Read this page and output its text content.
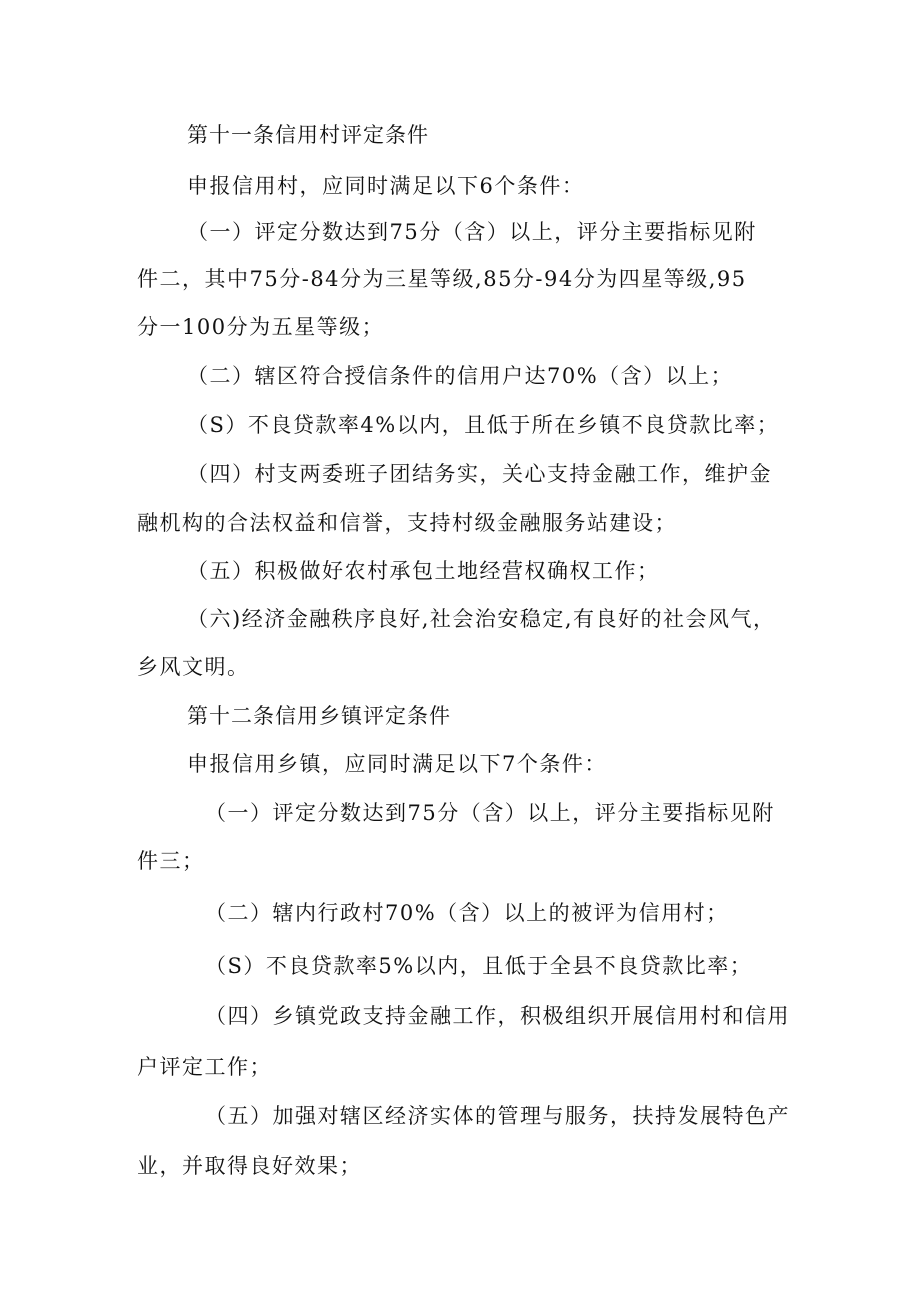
第十一条信用村评定条件
申报信用村，应同时满足以下6个条件：
（一）评定分数达到75分（含）以上，评分主要指标见附
件二，其中75分-84分为三星等级,85分-94分为四星等级,95
分一100分为五星等级；
（二）辖区符合授信条件的信用户达70%（含）以上；
（S）不良贷款率4%以内，且低于所在乡镇不良贷款比率；
（四）村支两委班子团结务实，关心支持金融工作，维护金
融机构的合法权益和信誉，支持村级金融服务站建设；
（五）积极做好农村承包土地经营权确权工作；
（六)经济金融秩序良好,社会治安稳定,有良好的社会风气，
乡风文明。
第十二条信用乡镇评定条件
申报信用乡镇，应同时满足以下7个条件：
（一）评定分数达到75分（含）以上，评分主要指标见附
件三；
（二）辖内行政村70%（含）以上的被评为信用村；
（S）不良贷款率5%以内，且低于全县不良贷款比率；
（四）乡镇党政支持金融工作，积极组织开展信用村和信用
户评定工作；
（五）加强对辖区经济实体的管理与服务，扶持发展特色产
业，并取得良好效果；
